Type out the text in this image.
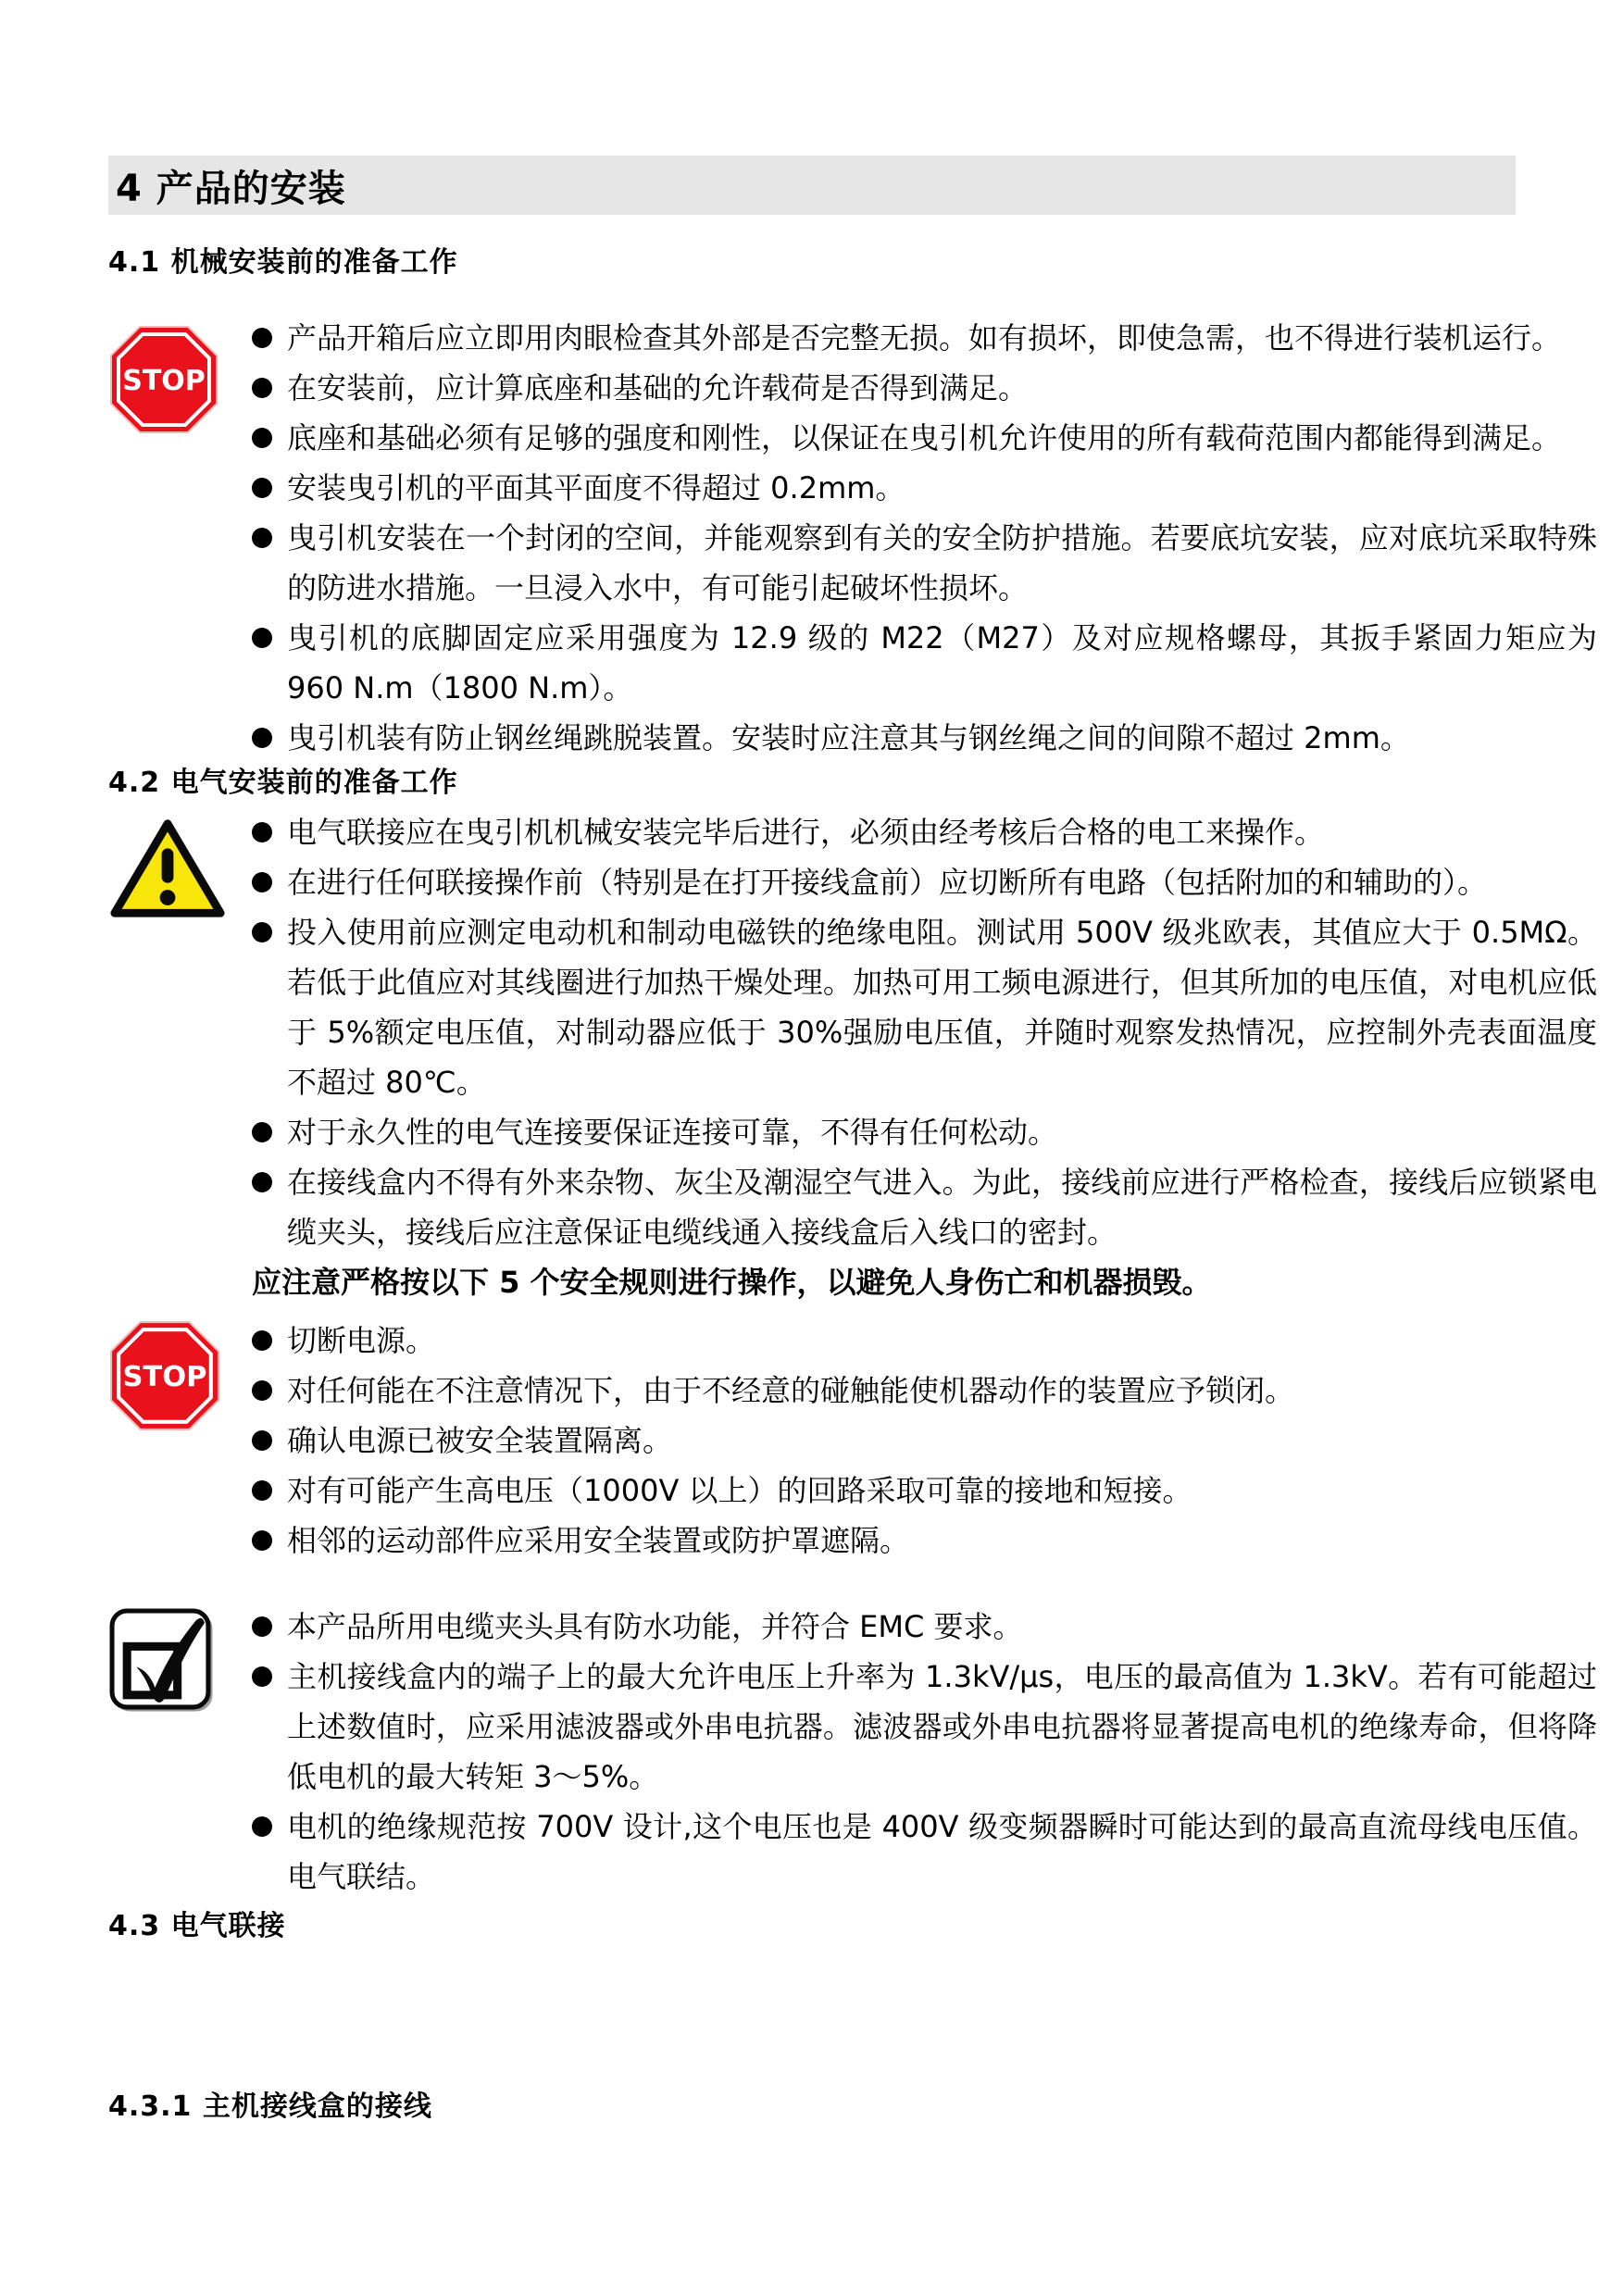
4 产品的安装
4.1 机械安装前的准备工作
STOP
产品开箱后应立即用肉眼检查其外部是否完整无损。如有损坏，即使急需，也不得进行装机运行。
在安装前，应计算底座和基础的允许载荷是否得到满足。
底座和基础必须有足够的强度和刚性，以保证在曳引机允许使用的所有载荷范围内都能得到满足。
安装曳引机的平面其平面度不得超过 0.2mm。
曳引机安装在一个封闭的空间，并能观察到有关的安全防护措施。若要底坑安装，应对底坑采取特殊的防进水措施。一旦浸入水中，有可能引起破坏性损坏。
曳引机的底脚固定应采用强度为 12.9 级的 M22（M27）及对应规格螺母，其扳手紧固力矩应为 960 N.m（1800 N.m）。
曳引机装有防止钢丝绳跳脱装置。安装时应注意其与钢丝绳之间的间隙不超过 2mm。
4.2 电气安装前的准备工作
电气联接应在曳引机机械安装完毕后进行，必须由经考核后合格的电工来操作。
在进行任何联接操作前（特别是在打开接线盒前）应切断所有电路（包括附加的和辅助的）。
投入使用前应测定电动机和制动电磁铁的绝缘电阻。测试用 500V 级兆欧表，其值应大于 0.5MΩ。若低于此值应对其线圈进行加热干燥处理。加热可用工频电源进行，但其所加的电压值，对电机应低于 5%额定电压值，对制动器应低于 30%强励电压值，并随时观察发热情况，应控制外壳表面温度不超过 80℃。
对于永久性的电气连接要保证连接可靠，不得有任何松动。
在接线盒内不得有外来杂物、灰尘及潮湿空气进入。为此，接线前应进行严格检查，接线后应锁紧电缆夹头，接线后应注意保证电缆线通入接线盒后入线口的密封。
应注意严格按以下 5 个安全规则进行操作，以避免人身伤亡和机器损毁。
STOP
切断电源。
对任何能在不注意情况下，由于不经意的碰触能使机器动作的装置应予锁闭。
确认电源已被安全装置隔离。
对有可能产生高电压（1000V 以上）的回路采取可靠的接地和短接。
相邻的运动部件应采用安全装置或防护罩遮隔。
本产品所用电缆夹头具有防水功能，并符合 EMC 要求。
主机接线盒内的端子上的最大允许电压上升率为 1.3kV/μs，电压的最高值为 1.3kV。若有可能超过上述数值时，应采用滤波器或外串电抗器。滤波器或外串电抗器将显著提高电机的绝缘寿命，但将降低电机的最大转矩 3～5%。
电机的绝缘规范按 700V 设计,这个电压也是 400V 级变频器瞬时可能达到的最高直流母线电压值。电气联结。
4.3 电气联接
4.3.1 主机接线盒的接线
